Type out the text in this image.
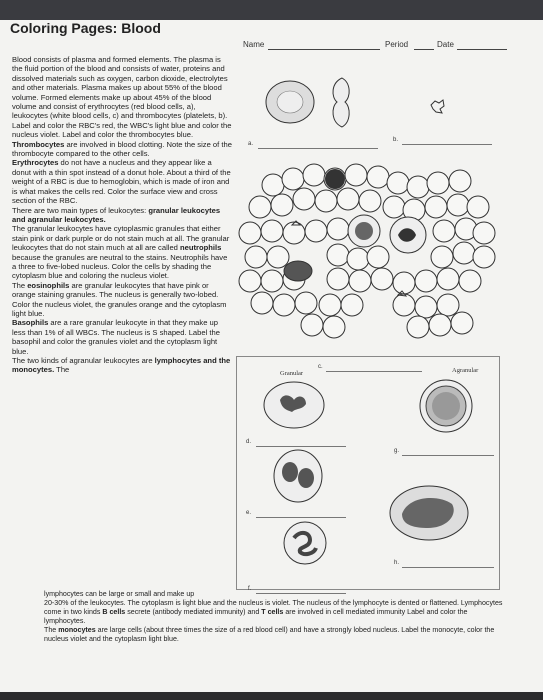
Coloring Pages: Blood
Name	Period	Date

Blood consists of plasma and formed elements. The plasma is the fluid portion of the blood and consists of water, proteins and dissolved materials such as oxygen, carbon dioxide, electrolytes and other materials. Plasma makes up about 55% of the blood volume. Formed elements make up about 45% of the blood volume and consist of erythrocytes (red blood cells, a), leukocytes (white blood cells, c) and thrombocytes (platelets, b). Label and color the RBC's red, the WBC's light blue and color the nucleus violet. Label and color the thrombocytes blue.

Thrombocytes are involved in blood clotting. Note the size of the thrombocyte compared to the other cells.

Erythrocytes do not have a nucleus and they appear like a donut with a thin spot instead of a donut hole. About a third of the weight of a RBC is due to hemoglobin, which is made of iron and is what makes the cells red. Color the surface view and cross section of the RBC.

There are two main types of leukocytes: granular leukocytes and agranular leukocytes.

The granular leukocytes have cytoplasmic granules that either stain pink or dark purple or do not stain much at all. The granular leukocytes that do not stain much at all are called neutrophils because the granules are neutral to the stains. Neutrophils have a three to five-lobed nucleus. Color the cells by shading the cytoplasm blue and coloring the nucleus violet.

The eosinophils are granular leukocytes that have pink or orange staining granules. The nucleus is generally two-lobed. Color the nucleus violet, the granules orange and the cytoplasm light blue.

Basophils are a rare granular leukocyte in that they make up less than 1% of all WBCs. The nucleus is S shaped. Label the basophil and color the granules violet and the cytoplasm light blue.

The two kinds of agranular leukocytes are lymphocytes and the monocytes. The

lymphocytes can be large or small and make up

20-30% of the leukocytes. The cytoplasm is light blue and the nucleus is violet. The nucleus of the lymphocyte is dented or flattened. Lymphocytes come in two kinds B cells secrete (antibody mediated immunity) and T cells are involved in cell mediated immunity Label and color the lymphocytes.

The monocytes are large cells (about three times the size of a red blood cell) and have a strongly lobed nucleus. Label the monocyte, color the nucleus violet and the cytoplasm light blue.

a.
b.
c.
Granular	Agranular
d.
g.
e.
h.
f.
